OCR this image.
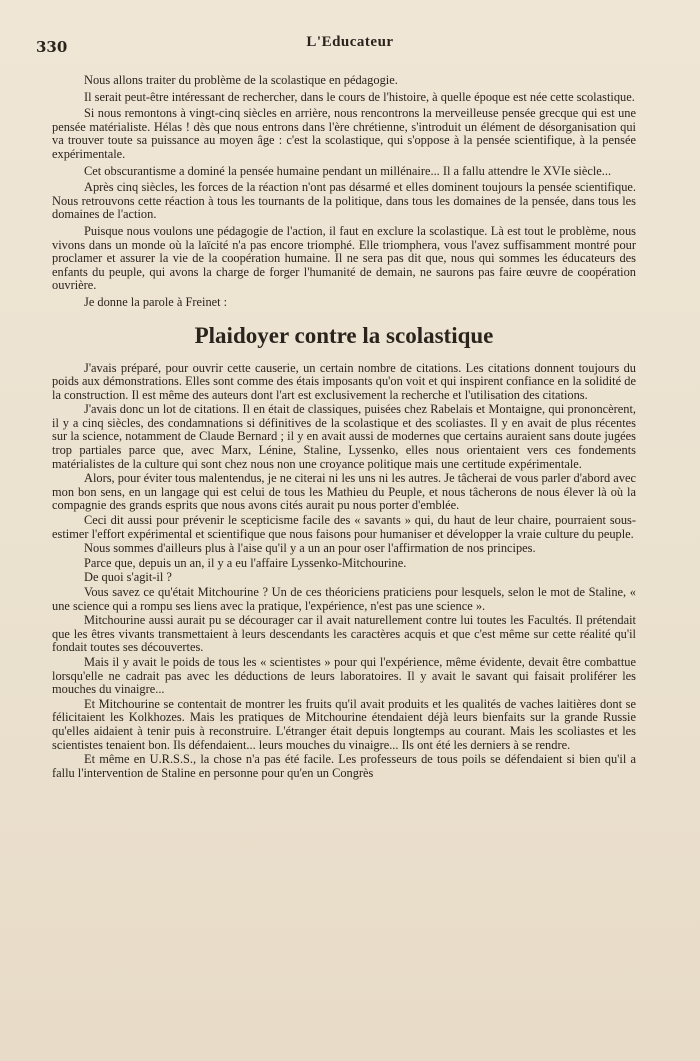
330	L'Educateur

Nous allons traiter du problème de la scolastique en pédagogie.

Il serait peut-être intéressant de rechercher, dans le cours de l'histoire, à quelle époque est née cette scolastique.

Si nous remontons à vingt-cinq siècles en arrière, nous rencontrons la merveilleuse pensée grecque qui est une pensée matérialiste. Hélas ! dès que nous entrons dans l'ère chrétienne, s'introduit un élément de désorganisation qui va trouver toute sa puissance au moyen âge : c'est la scolastique, qui s'oppose à la pensée scientifique, à la pensée expérimentale.

Cet obscurantisme a dominé la pensée humaine pendant un millénaire... Il a fallu attendre le XVIe siècle...

Après cinq siècles, les forces de la réaction n'ont pas désarmé et elles dominent toujours la pensée scientifique. Nous retrouvons cette réaction à tous les tournants de la politique, dans tous les domaines de la pensée, dans tous les domaines de l'action.

Puisque nous voulons une pédagogie de l'action, il faut en exclure la scolastique. Là est tout le problème, nous vivons dans un monde où la laïcité n'a pas encore triomphé. Elle triomphera, vous l'avez suffisamment montré pour proclamer et assurer la vie de la coopération humaine. Il ne sera pas dit que, nous qui sommes les éducateurs des enfants du peuple, qui avons la charge de forger l'humanité de demain, ne saurons pas faire œuvre de coopération ouvrière.

Je donne la parole à Freinet :

Plaidoyer contre la scolastique

J'avais préparé, pour ouvrir cette causerie, un certain nombre de citations. Les citations donnent toujours du poids aux démonstrations. Elles sont comme des étais imposants qu'on voit et qui inspirent confiance en la solidité de la construction. Il est même des auteurs dont l'art est exclusivement la recherche et l'utilisation des citations.

J'avais donc un lot de citations. Il en était de classiques, puisées chez Rabelais et Montaigne, qui prononcèrent, il y a cinq siècles, des condamnations si définitives de la scolastique et des scoliastes. Il y en avait de plus récentes sur la science, notamment de Claude Bernard ; il y en avait aussi de modernes que certains auraient sans doute jugées trop partiales parce que, avec Marx, Lénine, Staline, Lyssenko, elles nous orientaient vers ces fondements matérialistes de la culture qui sont chez nous non une croyance politique mais une certitude expérimentale.

Alors, pour éviter tous malentendus, je ne citerai ni les uns ni les autres. Je tâcherai de vous parler d'abord avec mon bon sens, en un langage qui est celui de tous les Mathieu du Peuple, et nous tâcherons de nous élever là où la compagnie des grands esprits que nous avons cités aurait pu nous porter d'emblée.

Ceci dit aussi pour prévenir le scepticisme facile des « savants » qui, du haut de leur chaire, pourraient sous-estimer l'effort expérimental et scientifique que nous faisons pour humaniser et développer la vraie culture du peuple.

Nous sommes d'ailleurs plus à l'aise qu'il y a un an pour oser l'affirmation de nos principes.

Parce que, depuis un an, il y a eu l'affaire Lyssenko-Mitchourine.

De quoi s'agit-il ?

Vous savez ce qu'était Mitchourine ? Un de ces théoriciens praticiens pour lesquels, selon le mot de Staline, « une science qui a rompu ses liens avec la pratique, l'expérience, n'est pas une science ».

Mitchourine aussi aurait pu se décourager car il avait naturellement contre lui toutes les Facultés. Il prétendait que les êtres vivants transmettaient à leurs descendants les caractères acquis et que c'est même sur cette réalité qu'il fondait toutes ses découvertes.

Mais il y avait le poids de tous les « scientistes » pour qui l'expérience, même évidente, devait être combattue lorsqu'elle ne cadrait pas avec les déductions de leurs laboratoires. Il y avait le savant qui faisait proliférer les mouches du vinaigre...

Et Mitchourine se contentait de montrer les fruits qu'il avait produits et les qualités de vaches laitières dont se félicitaient les Kolkhozes. Mais les pratiques de Mitchourine étendaient déjà leurs bienfaits sur la grande Russie qu'elles aidaient à tenir puis à reconstruire. L'étranger était depuis longtemps au courant. Mais les scoliastes et les scientistes tenaient bon. Ils défendaient... leurs mouches du vinaigre... Ils ont été les derniers à se rendre.

Et même en U.R.S.S., la chose n'a pas été facile. Les professeurs de tous poils se défendaient si bien qu'il a fallu l'intervention de Staline en personne pour qu'en un Congrès
